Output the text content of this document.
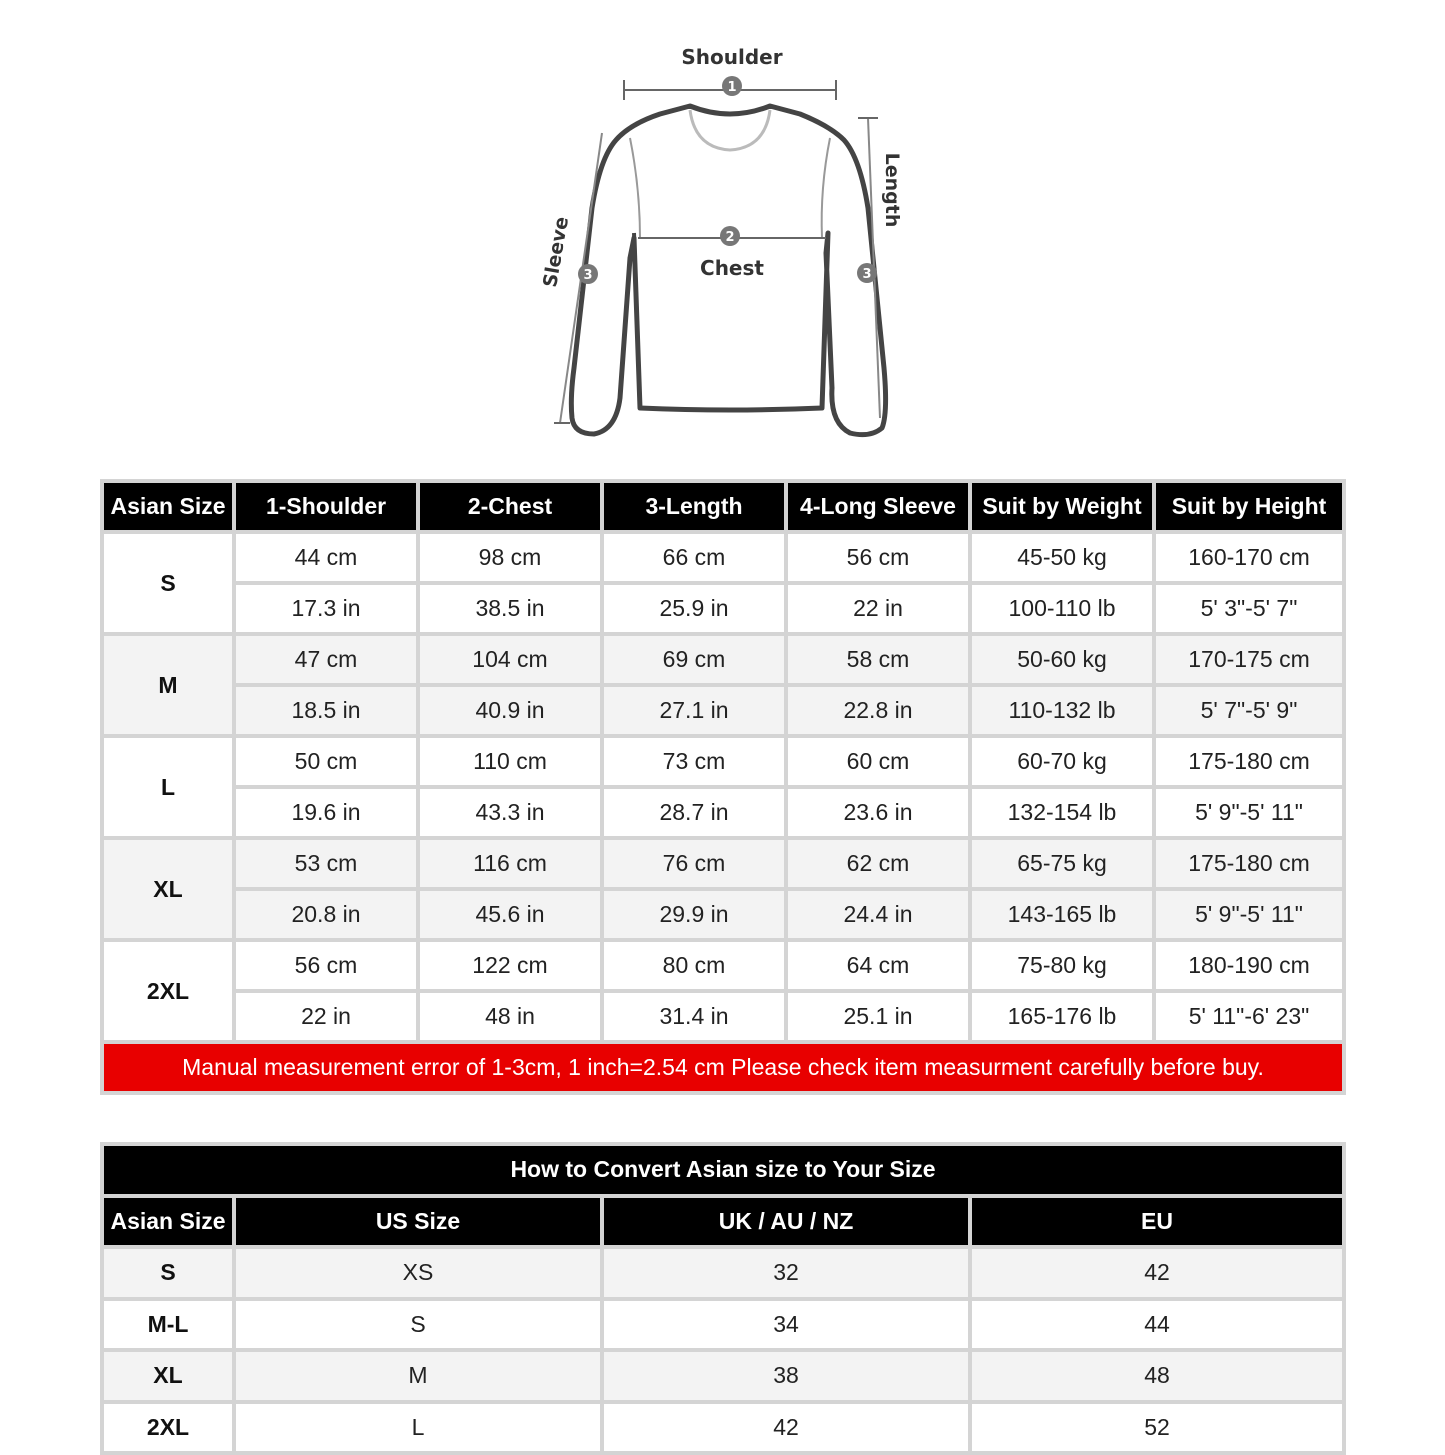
1
Shoulder
2
Chest	3
Length
3
Sleeve
Asian Size	1-Shoulder	2-Chest	3-Length	4-Long Sleeve	Suit by Weight	Suit by Height
S	44 cm	98 cm	66 cm	56 cm	45-50 kg	160-170 cm
	17.3 in	38.5 in	25.9 in	22 in	100-110 lb	5' 3"-5' 7"
M	47 cm	104 cm	69 cm	58 cm	50-60 kg	170-175 cm
	18.5 in	40.9 in	27.1 in	22.8 in	110-132 lb	5' 7"-5' 9"
L	50 cm	110 cm	73 cm	60 cm	60-70 kg	175-180 cm
	19.6 in	43.3 in	28.7 in	23.6 in	132-154 lb	5' 9"-5' 11"
XL	53 cm	116 cm	76 cm	62 cm	65-75 kg	175-180 cm
	20.8 in	45.6 in	29.9 in	24.4 in	143-165 lb	5' 9"-5' 11"
2XL	56 cm	122 cm	80 cm	64 cm	75-80 kg	180-190 cm
	22 in	48 in	31.4 in	25.1 in	165-176 lb	5' 11"-6' 23"
Manual measurement error of 1-3cm, 1 inch=2.54 cm Please check item measurment carefully before buy.						
How to Convert Asian size to Your Size			
Asian Size	US Size	UK / AU / NZ	EU
S	XS	32	42
M-L	S	34	44
XL	M	38	48
2XL	L	42	52
